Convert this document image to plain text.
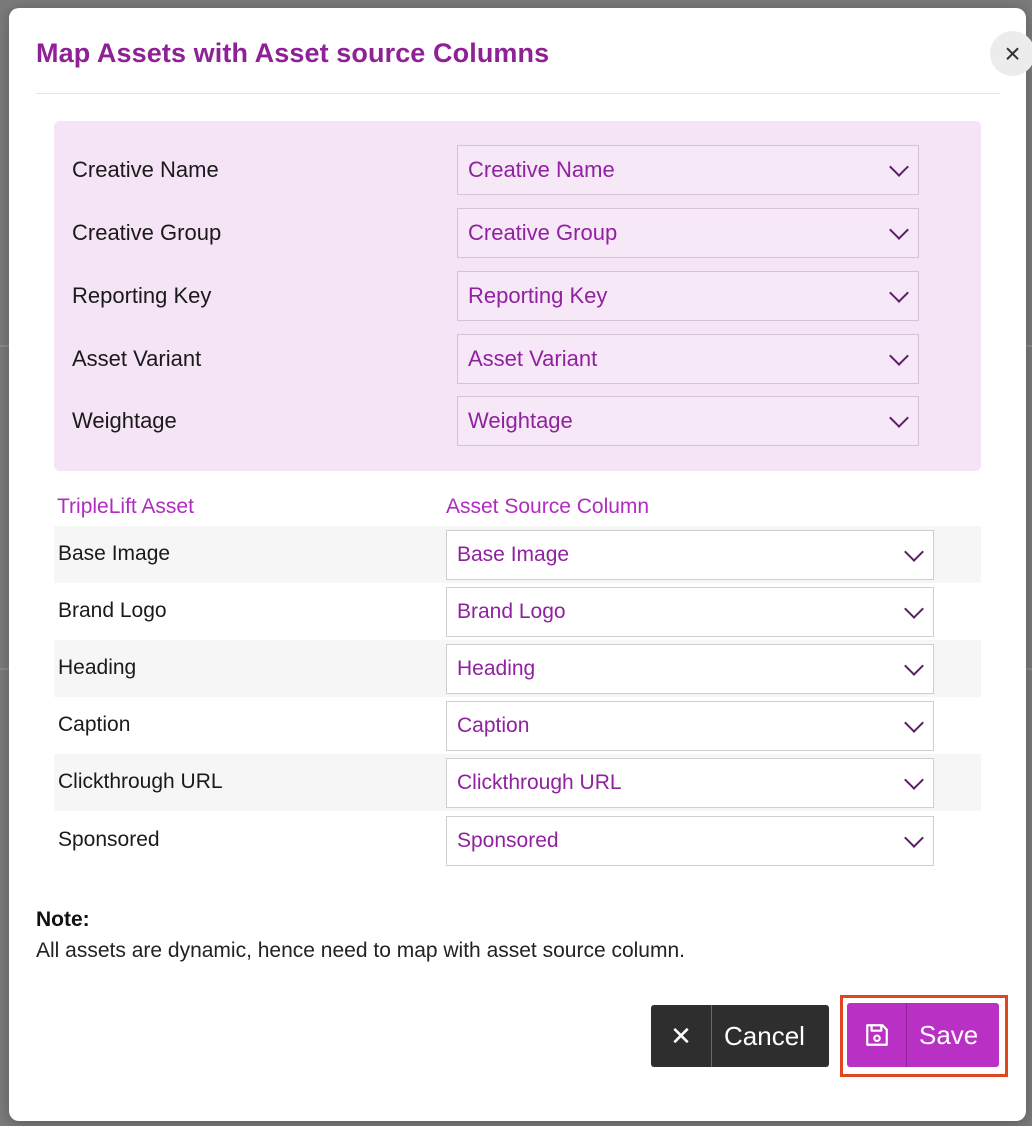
Map Assets with Asset source Columns	×
Creative Name	Creative Name
Creative Group	Creative Group
Reporting Key	Reporting Key
Asset Variant	Asset Variant
Weightage	Weightage
TripleLift Asset	Asset Source Column
Base Image	Base Image
Brand Logo	Brand Logo
Heading	Heading
Caption	Caption
Clickthrough URL	Clickthrough URL
Sponsored	Sponsored
Note:
All assets are dynamic, hence need to map with asset source column.
✕	Cancel	Save
